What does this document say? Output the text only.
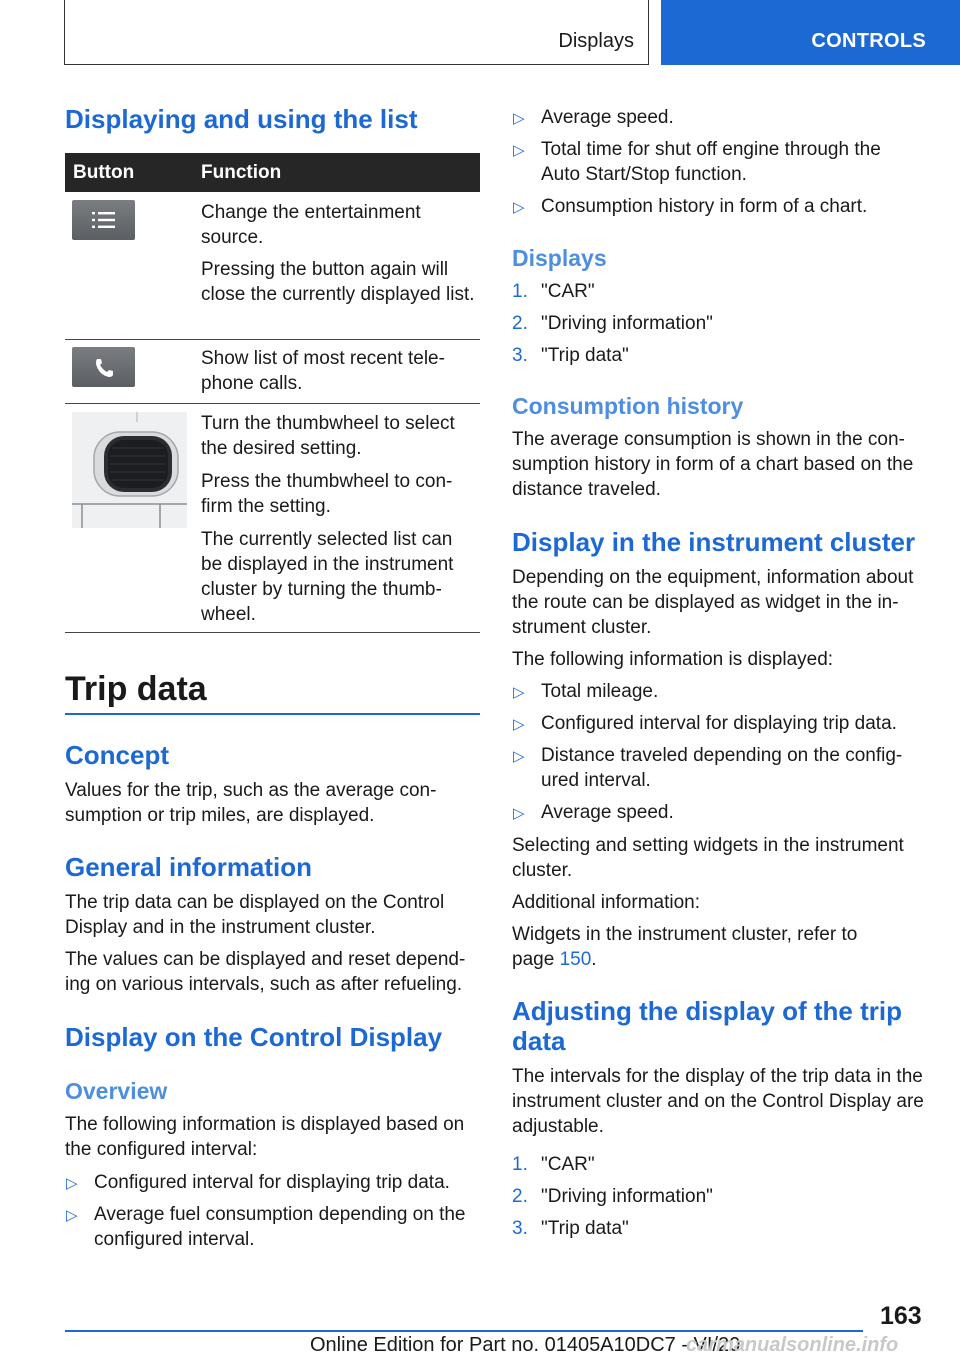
Displays	CONTROLS
Displaying and using the list
Button	Function
Change the entertainment source.
Pressing the button again will close the currently displayed list.
Show list of most recent tele‐phone calls.
Turn the thumbwheel to select the desired setting.
Press the thumbwheel to con‐firm the setting.
The currently selected list can be displayed in the instrument cluster by turning the thumb‐wheel.
Trip data
Concept
Values for the trip, such as the average con‐sumption or trip miles, are displayed.
General information
The trip data can be displayed on the Control Display and in the instrument cluster.
The values can be displayed and reset depend‐ing on various intervals, such as after refueling.
Display on the Control Display
Overview
The following information is displayed based on the configured interval:
▷ Configured interval for displaying trip data.
▷ Average fuel consumption depending on the configured interval.
▷ Average speed.
▷ Total time for shut off engine through the Auto Start/Stop function.
▷ Consumption history in form of a chart.
Displays
1. "CAR"
2. "Driving information"
3. "Trip data"
Consumption history
The average consumption is shown in the con‐sumption history in form of a chart based on the distance traveled.
Display in the instrument cluster
Depending on the equipment, information about the route can be displayed as widget in the in‐strument cluster.
The following information is displayed:
▷ Total mileage.
▷ Configured interval for displaying trip data.
▷ Distance traveled depending on the config‐ured interval.
▷ Average speed.
Selecting and setting widgets in the instrument cluster.
Additional information:
Widgets in the instrument cluster, refer to page 150.
Adjusting the display of the trip data
The intervals for the display of the trip data in the instrument cluster and on the Control Display are adjustable.
1. "CAR"
2. "Driving information"
3. "Trip data"
163
Online Edition for Part no. 01405A10DC7 - VI/20
carmanualsonline.info
